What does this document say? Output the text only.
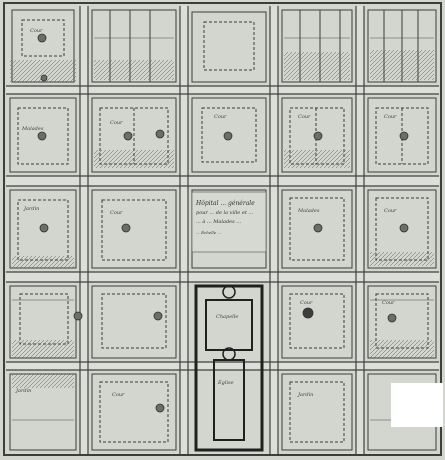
Hôpital ... générale
pour ... de la ville et ...
... à ... Malades ...
... Échelle ...
Cour
Malades
Jardin
Cour
Cour
Cour
Malades
Cour	Cour
Cour
Chapelle
Église
Jardin
Cour	Jardin
Cour	Cour
